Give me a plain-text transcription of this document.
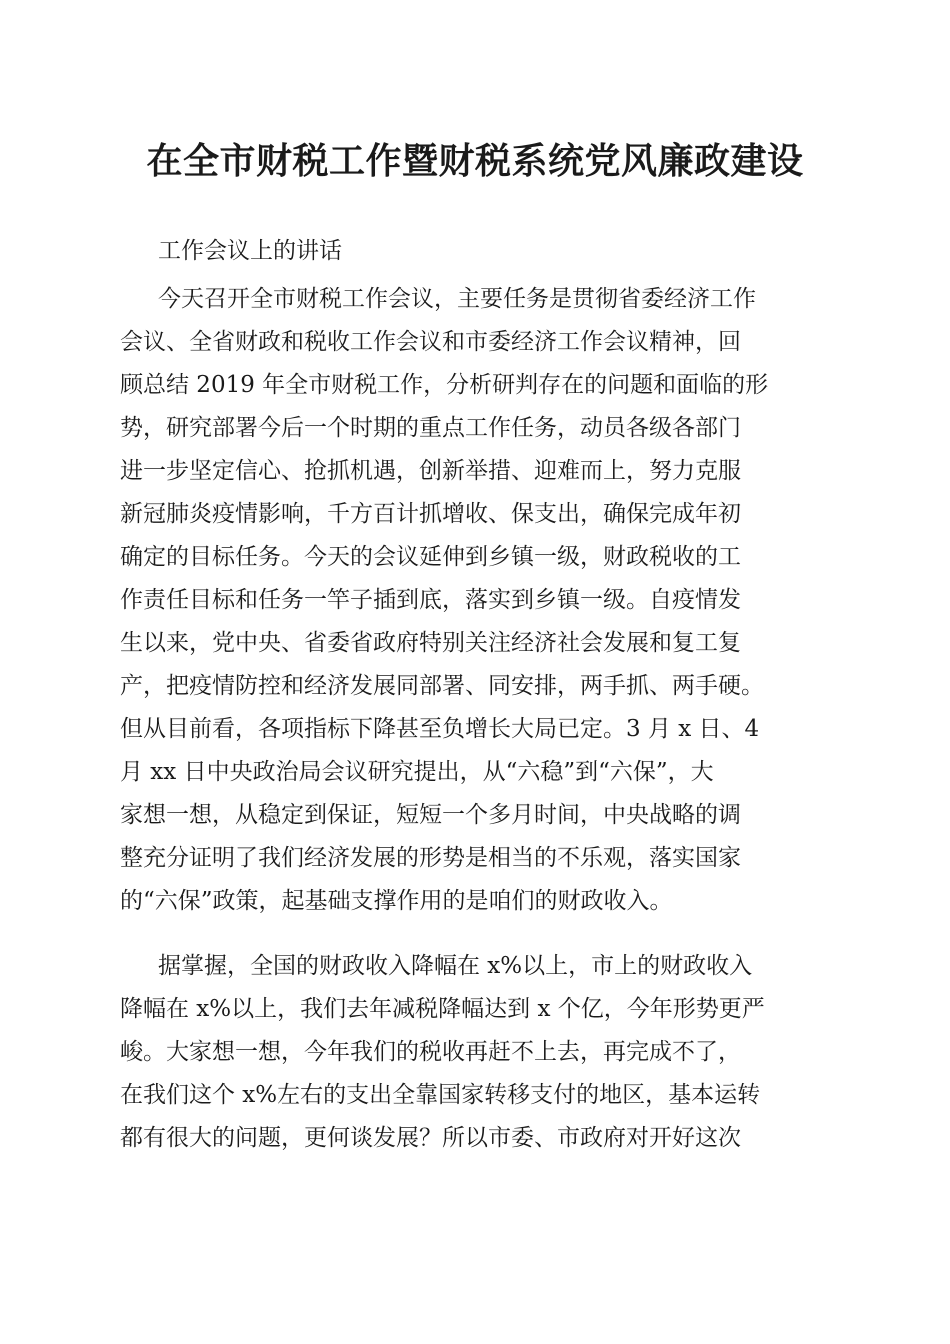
在全市财税工作暨财税系统党风廉政建设
工作会议上的讲话
今天召开全市财税工作会议，主要任务是贯彻省委经济工作
会议、全省财政和税收工作会议和市委经济工作会议精神，回
顾总结 2019 年全市财税工作，分析研判存在的问题和面临的形
势，研究部署今后一个时期的重点工作任务，动员各级各部门
进一步坚定信心、抢抓机遇，创新举措、迎难而上，努力克服
新冠肺炎疫情影响，千方百计抓增收、保支出，确保完成年初
确定的目标任务。今天的会议延伸到乡镇一级，财政税收的工
作责任目标和任务一竿子插到底，落实到乡镇一级。自疫情发
生以来，党中央、省委省政府特别关注经济社会发展和复工复
产，把疫情防控和经济发展同部署、同安排，两手抓、两手硬。
但从目前看，各项指标下降甚至负增长大局已定。3 月 x 日、4
月 xx 日中央政治局会议研究提出，从“六稳”到“六保”，大
家想一想，从稳定到保证，短短一个多月时间，中央战略的调
整充分证明了我们经济发展的形势是相当的不乐观，落实国家
的“六保”政策，起基础支撑作用的是咱们的财政收入。
据掌握，全国的财政收入降幅在 x%以上，市上的财政收入
降幅在 x%以上，我们去年减税降幅达到 x 个亿，今年形势更严
峻。大家想一想，今年我们的税收再赶不上去，再完成不了，
在我们这个 x%左右的支出全靠国家转移支付的地区，基本运转
都有很大的问题，更何谈发展？所以市委、市政府对开好这次
